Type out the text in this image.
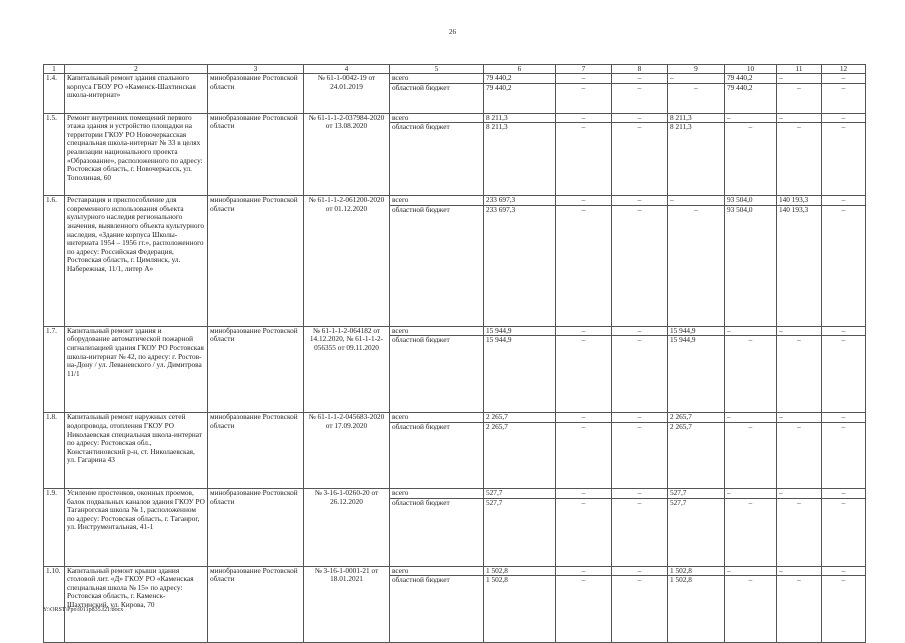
26
1	2	3	4	5	6	7	8	9	10	11	12
1.4.	Капитальный ремонт здания спального корпуса ГБОУ РО «Каменск-Шахтинская школа-интернат»	минобразование Ростовской области	№ 61-1-0042-19 от 24.01.2019	всего	79 440,2	–	–	–	79 440,2	–	–
				областной бюджет	79 440,2	–	–	–	79 440,2	–	–
1.5.	Ремонт внутренних помещений первого этажа здания и устройство площадки на территории ГКОУ РО Новочеркасская специальная школа-интернат № 33 в целях реализации национального проекта «Образование», расположенного по адресу: Ростовская область, г. Новочеркасск, ул. Тополиная, 60	минобразование Ростовской области	№ 61-1-1-2-037984-2020 от 13.08.2020	всего	8 211,3	–	–	8 211,3	–	–	–
				областной бюджет	8 211,3	–	–	8 211,3	–	–	–
1.6.	Реставрация и приспособление для современного использования объекта культурного наследия регионального значения, выявленного объекта культурного наследия, «Здание корпуса Школы-интерната 1954 – 1956 гг.», расположенного по адресу: Российская Федерация, Ростовская область, г. Цимлянск, ул. Набережная, 11/1, литер А»	минобразование Ростовской области	№ 61-1-1-2-061200-2020 от 01.12.2020	всего	233 697,3	–	–	–	93 504,0	140 193,3	–
				областной бюджет	233 697,3	–	–	–	93 504,0	140 193,3	–
1.7.	Капитальный ремонт здания и оборудование автоматической пожарной сигнализацией здания ГКОУ РО Ростовская школа-интернат № 42, по адресу: г. Ростов-на-Дону / ул. Леваневского / ул. Димитрова 11/1	минобразование Ростовской области	№ 61-1-1-2-064182 от 14.12.2020, № 61-1-1-2-056355 от 09.11.2020	всего	15 944,9	–	–	15 944,9	–	–	–
				областной бюджет	15 944,9	–	–	15 944,9	–	–	–
1.8.	Капитальный ремонт наружных сетей водопровода, отопления ГКОУ РО Николаевская специальная школа-интернат по адресу: Ростовская обл., Константиновский р-н, ст. Николаевская, ул. Гагарина 43	минобразование Ростовской области	№ 61-1-1-2-045683-2020 от 17.09.2020	всего	2 265,7	–	–	2 265,7	–	–	–
				областной бюджет	2 265,7	–	–	2 265,7	–	–	–
1.9.	Усиление простенков, оконных проемов, балок подвальных каналов здания ГКОУ РО Таганрогская школа № 1, расположенном по адресу: Ростовская область, г. Таганрог, ул. Инструментальная, 41-1	минобразование Ростовской области	№ 3-16-1-0260-20 от 26.12.2020	всего	527,7	–	–	527,7	–	–	–
				областной бюджет	527,7	–	–	527,7	–	–	–
1.10.	Капитальный ремонт крыши здания столовой лит. «Д» ГКОУ РО «Каменская специальная школа № 15» по адресу: Ростовская область, г. Каменск-Шахтинский, ул. Кирова, 70	минобразование Ростовской области	№ 3-16-1-0001-21 от 18.01.2021	всего	1 502,8	–	–	1 502,8	–	–	–
				областной бюджет	1 502,8	–	–	1 502,8	–	–	–
Y:\ORST\Ppo\l011p835.f21.docx
